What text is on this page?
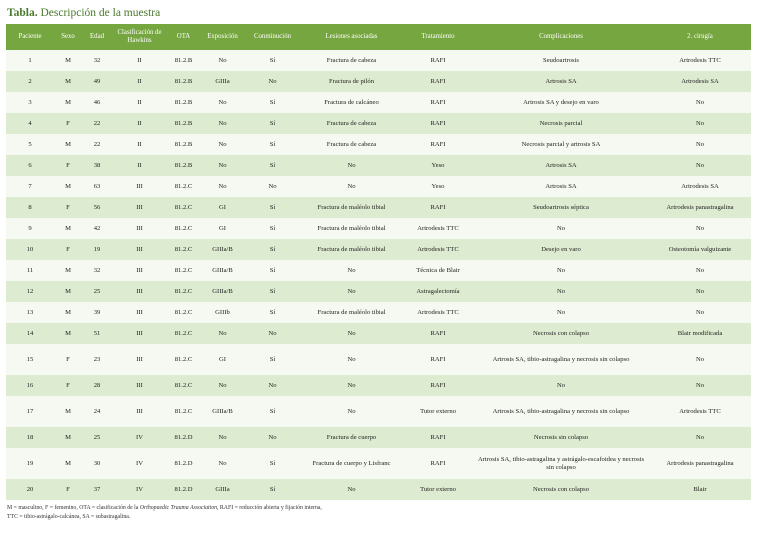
Tabla. Descripción de la muestra
Paciente	Sexo	Edad	Clasificación de Hawkins	OTA	Exposición	Conminución	Lesiones asociadas	Tratamiento	Complicaciones	2. cirugía
1	M	32	II	81.2.B	No	Sí	Fractura de cabeza	RAFI	Seudoartrosis	Artrodesis TTC
2	M	49	II	81.2.B	GIIIa	No	Fractura de pilón	RAFI	Artrosis SA	Artrodesis SA
3	M	46	II	81.2.B	No	Sí	Fractura de calcáneo	RAFI	Artrosis SA y desejo en varo	No
4	F	22	II	81.2.B	No	Sí	Fractura de cabeza	RAFI	Necrosis parcial	No
5	M	22	II	81.2.B	No	Sí	Fractura de cabeza	RAFI	Necrosis parcial y artrosis SA	No
6	F	38	II	81.2.B	No	Sí	No	Yeso	Artrosis SA	No
7	M	63	III	81.2.C	No	No	No	Yeso	Artrosis SA	Artrodesis SA
8	F	56	III	81.2.C	GI	Sí	Fractura de maléolo tibial	RAFI	Seudoartrosis séptica	Artrodesis panastragalina
9	M	42	III	81.2.C	GI	Sí	Fractura de maléolo tibial	Artrodesis TTC	No	No
10	F	19	III	81.2.C	GIIIa/B	Sí	Fractura de maléolo tibial	Artrodesis TTC	Desejo en varo	Osteotomía valguizante
11	M	32	III	81.2.C	GIIIa/B	Sí	No	Técnica de Blair	No	No
12	M	25	III	81.2.C	GIIIa/B	Sí	No	Astragalectomía	No	No
13	M	39	III	81.2.C	GIIIb	Sí	Fractura de maléolo tibial	Artrodesis TTC	No	No
14	M	51	III	81.2.C	No	No	No	RAFI	Necrosis con colapso	Blair modificada
15	F	23	III	81.2.C	GI	Sí	No	RAFI	Artrosis SA, tibio-astragalina y necrosis sin colapso	No
16	F	28	III	81.2.C	No	No	No	RAFI	No	No
17	M	24	III	81.2.C	GIIIa/B	Sí	No	Tutor externo	Artrosis SA, tibio-astragalina y necrosis sin colapso	Artrodesis TTC
18	M	25	IV	81.2.D	No	No	Fractura de cuerpo	RAFI	Necrosis sin colapso	No
19	M	30	IV	81.2.D	No	Sí	Fractura de cuerpo y Lisfranc	RAFI	Artrosis SA, tibio-astragalina y astrágalo-escafoidea y necrosis sin colapso	Artrodesis panastragalina
20	F	37	IV	81.2.D	GIIIa	Sí	No	Tutor externo	Necrosis con colapso	Blair
M = masculino, F = femenino, OTA = clasificación de la Orthopaedic Trauma Association, RAFI = reducción abierta y fijación interna,
TTC = tibio-astrágalo-calcánea, SA = subastragalina.
